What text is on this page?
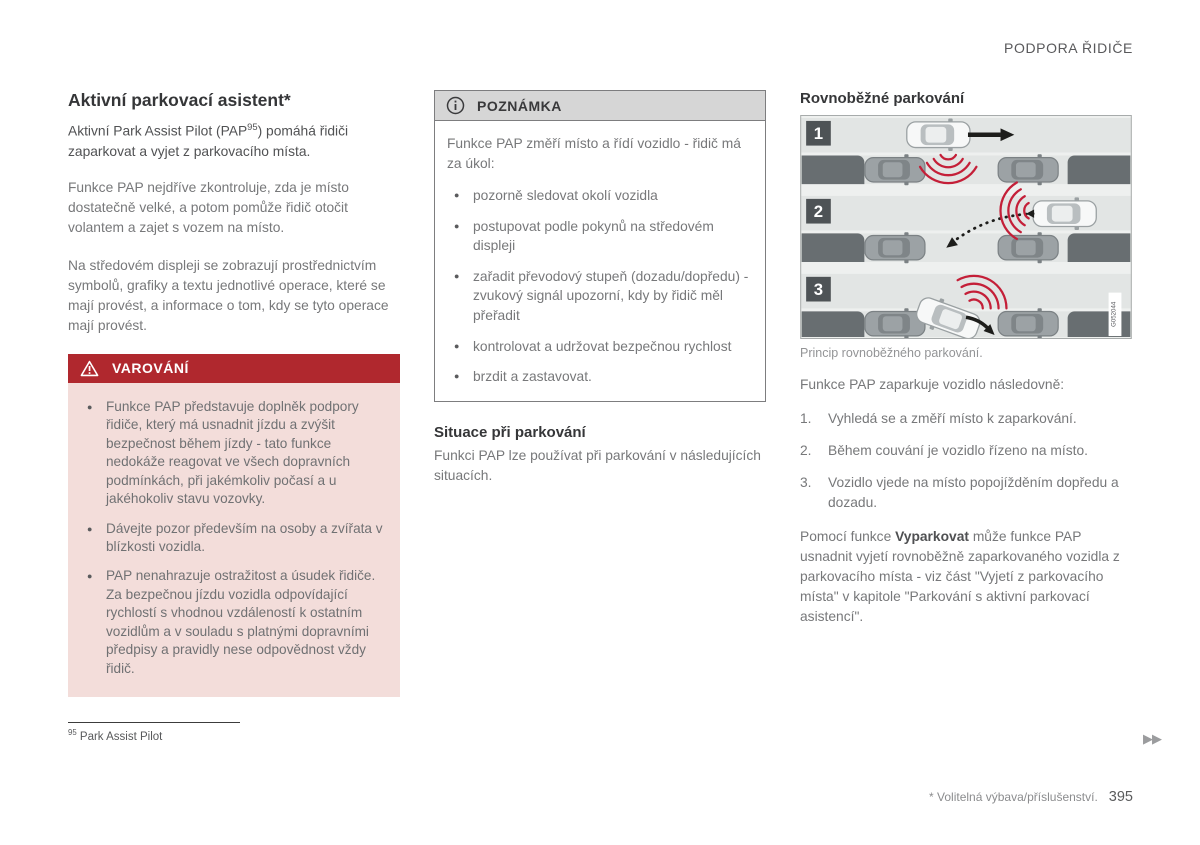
PODPORA ŘIDIČE
Aktivní parkovací asistent*

Aktivní Park Assist Pilot (PAP$^{95}$) pomáhá řidiči zaparkovat a vyjet z parkovacího místa.

Funkce PAP nejdříve zkontroluje, zda je místo dostatečně velké, a potom pomůže řidič otočit volantem a zajet s vozem na místo.

Na středovém displeji se zobrazují prostřednictvím symbolů, grafiky a textu jednotlivé operace, které se mají provést, a informace o tom, kdy se tyto operace mají provést.

VAROVÁNÍ
●
Funkce PAP představuje doplněk podpory řidiče, který má usnadnit jízdu a zvýšit bezpečnost během jízdy - tato funkce nedokáže reagovat ve všech dopravních podmínkách, při jakémkoliv počasí a u jakéhokoliv stavu vozovky.
●
Dávejte pozor především na osoby a zvířata v blízkosti vozidla.
●
PAP nenahrazuje ostražitost a úsudek řidiče. Za bezpečnou jízdu vozidla odpovídající rychlostí s vhodnou vzdáleností k ostatním vozidlům a v souladu s platnými dopravními předpisy a pravidly nese odpovědnost vždy řidič.
POZNÁMKA

Funkce PAP změří místo a řídí vozidlo - řidič má za úkol:

●
pozorně sledovat okolí vozidla
●
postupovat podle pokynů na středovém displeji
●
zařadit převodový stupeň (dozadu/dopředu) - zvukový signál upozorní, kdy by řidič měl přeřadit
●
kontrolovat a udržovat bezpečnou rychlost
●
brzdit a zastavovat.
Situace při parkování

Funkci PAP lze používat při parkování v následujících situacích.

Rovnoběžné parkování
1
2
3
G052044

Princip rovnoběžného parkování.

Funkce PAP zaparkuje vozidlo následovně:

1.	Vyhledá se a změří místo k zaparkování.
2.	Během couvání je vozidlo řízeno na místo.
3.	Vozidlo vjede na místo popojížděním dopředu a dozadu.

Pomocí funkce Vyparkovat může funkce PAP usnadnit vyjetí rovnoběžně zaparkovaného vozidla z parkovacího místa - viz část "Vyjetí z parkovacího místa" v kapitole "Parkování s aktivní parkovací asistencí".

$^{95}$ Park Assist Pilot
* Volitelná výbava/příslušenství. 395
▶▶
